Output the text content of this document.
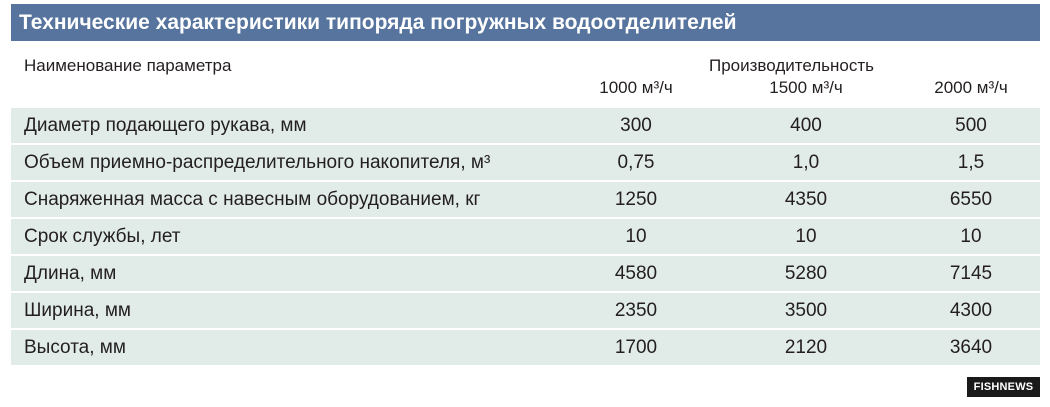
Технические характеристики типоряда погружных водоотделителей
Наименование параметра	Производительность
1000 м³/ч	1500 м³/ч	2000 м³/ч
Диаметр подающего рукава, мм	300	400	500
Объем приемно-распределительного накопителя, м³	0,75	1,0	1,5
Снаряженная масса с навесным оборудованием, кг	1250	4350	6550
Срок службы, лет	10	10	10
Длина, мм	4580	5280	7145
Ширина, мм	2350	3500	4300
Высота, мм	1700	2120	3640
FISHNEWS
